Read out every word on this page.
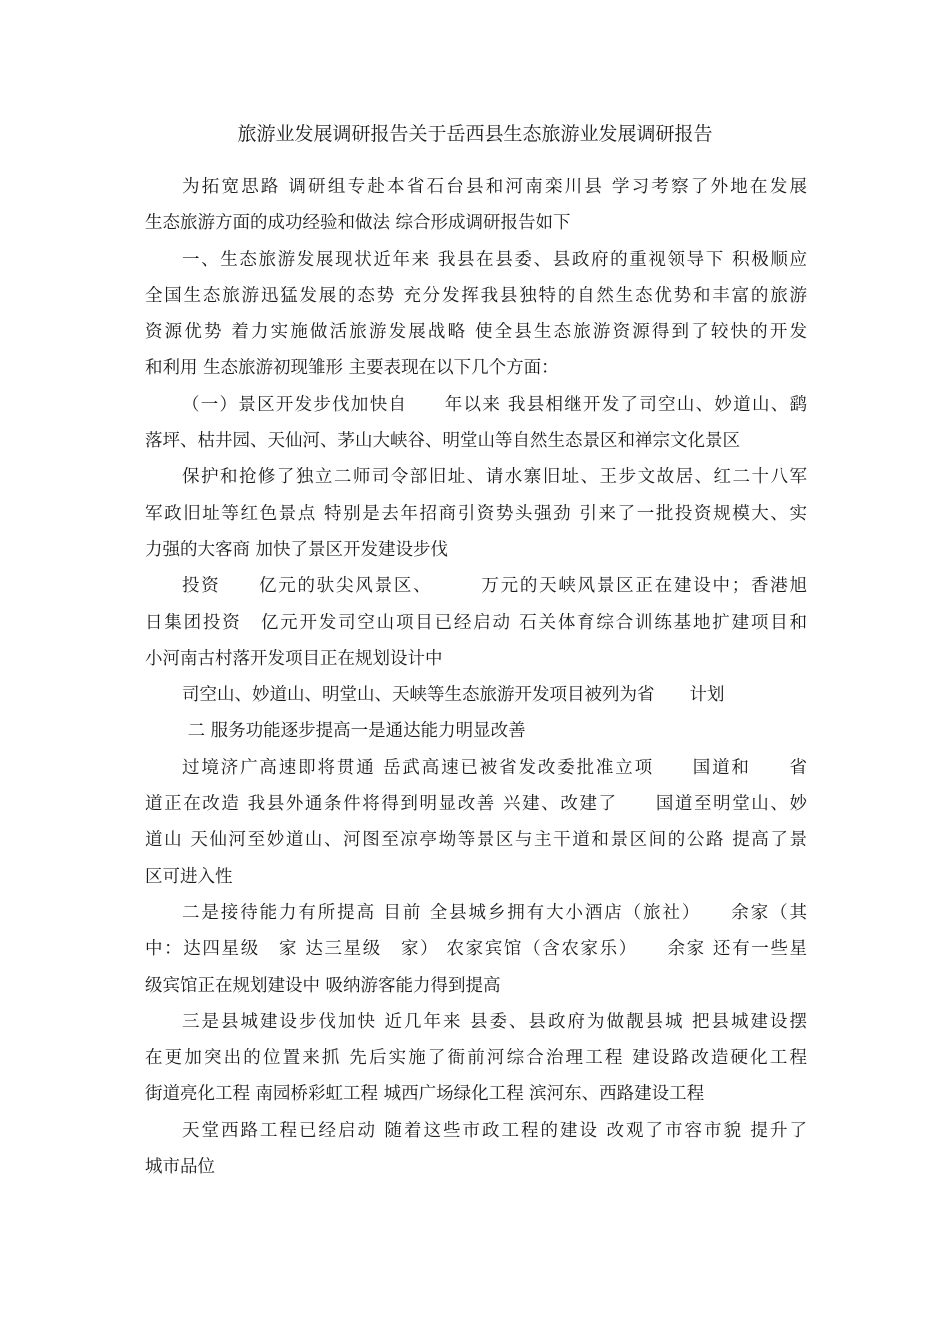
旅游业发展调研报告关于岳西县生态旅游业发展调研报告
为拓宽思路 调研组专赴本省石台县和河南栾川县 学习考察了外地在发展
生态旅游方面的成功经验和做法 综合形成调研报告如下
一、生态旅游发展现状近年来 我县在县委、县政府的重视领导下 积极顺应
全国生态旅游迅猛发展的态势 充分发挥我县独特的自然生态优势和丰富的旅游
资源优势 着力实施做活旅游发展战略 使全县生态旅游资源得到了较快的开发
和利用 生态旅游初现雏形 主要表现在以下几个方面：
（一）景区开发步伐加快自　　年以来 我县相继开发了司空山、妙道山、鹞
落坪、枯井园、天仙河、茅山大峡谷、明堂山等自然生态景区和禅宗文化景区
保护和抢修了独立二师司令部旧址、请水寨旧址、王步文故居、红二十八军
军政旧址等红色景点 特别是去年招商引资势头强劲 引来了一批投资规模大、实
力强的大客商 加快了景区开发建设步伐
投资　　亿元的驮尖风景区、　　　万元的天峡风景区正在建设中；香港旭
日集团投资　亿元开发司空山项目已经启动 石关体育综合训练基地扩建项目和
小河南古村落开发项目正在规划设计中
司空山、妙道山、明堂山、天峡等生态旅游开发项目被列为省　　计划
二 服务功能逐步提高一是通达能力明显改善
过境济广高速即将贯通 岳武高速已被省发改委批准立项　　国道和　　省
道正在改造 我县外通条件将得到明显改善 兴建、改建了　　国道至明堂山、妙
道山 天仙河至妙道山、河图至凉亭坳等景区与主干道和景区间的公路 提高了景
区可进入性
二是接待能力有所提高 目前 全县城乡拥有大小酒店（旅社）　　余家（其
中：达四星级　家 达三星级　家） 农家宾馆（含农家乐）　　余家 还有一些星
级宾馆正在规划建设中 吸纳游客能力得到提高
三是县城建设步伐加快 近几年来 县委、县政府为做靓县城 把县城建设摆
在更加突出的位置来抓 先后实施了衙前河综合治理工程 建设路改造硬化工程
街道亮化工程 南园桥彩虹工程 城西广场绿化工程 滨河东、西路建设工程
天堂西路工程已经启动 随着这些市政工程的建设 改观了市容市貌 提升了
城市品位
